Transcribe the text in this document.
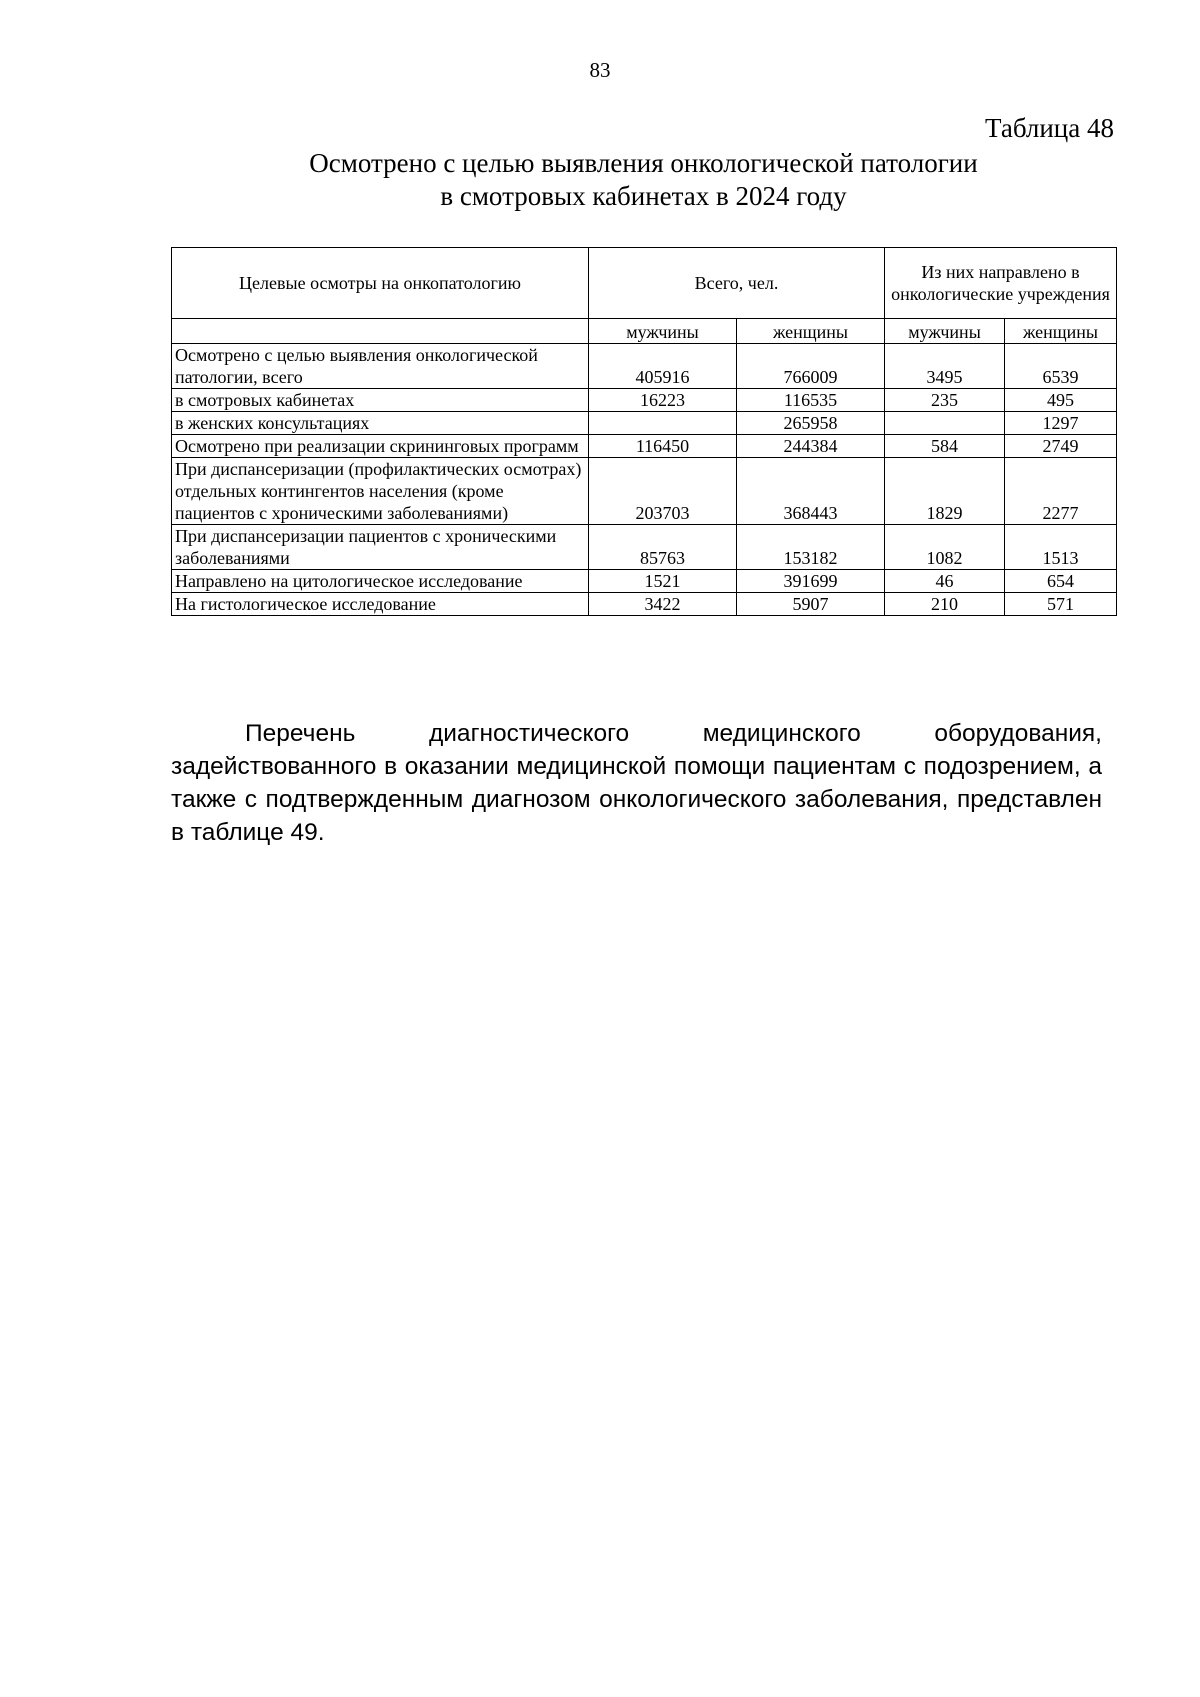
83
Таблица 48
Осмотрено с целью выявления онкологической патологии
в смотровых кабинетах в 2024 году
Целевые осмотры на онкопатологию	Всего, чел.		Из них направлено в онкологические учреждения	
	мужчины	женщины	мужчины	женщины
Осмотрено с целью выявления онкологической патологии, всего	405916	766009	3495	6539
в смотровых кабинетах	16223	116535	235	495
в женских консультациях		265958		1297
Осмотрено при реализации скрининговых программ	116450	244384	584	2749
При диспансеризации (профилактических осмотрах) отдельных контингентов населения (кроме пациентов с хроническими заболеваниями)	203703	368443	1829	2277
При диспансеризации пациентов с хроническими заболеваниями	85763	153182	1082	1513
Направлено на цитологическое исследование	1521	391699	46	654
На гистологическое исследование	3422	5907	210	571
Перечень диагностического медицинского оборудования, задействованного в оказании медицинской помощи пациентам с подозрением, а также с подтвержденным диагнозом онкологического заболевания, представлен в таблице 49.
